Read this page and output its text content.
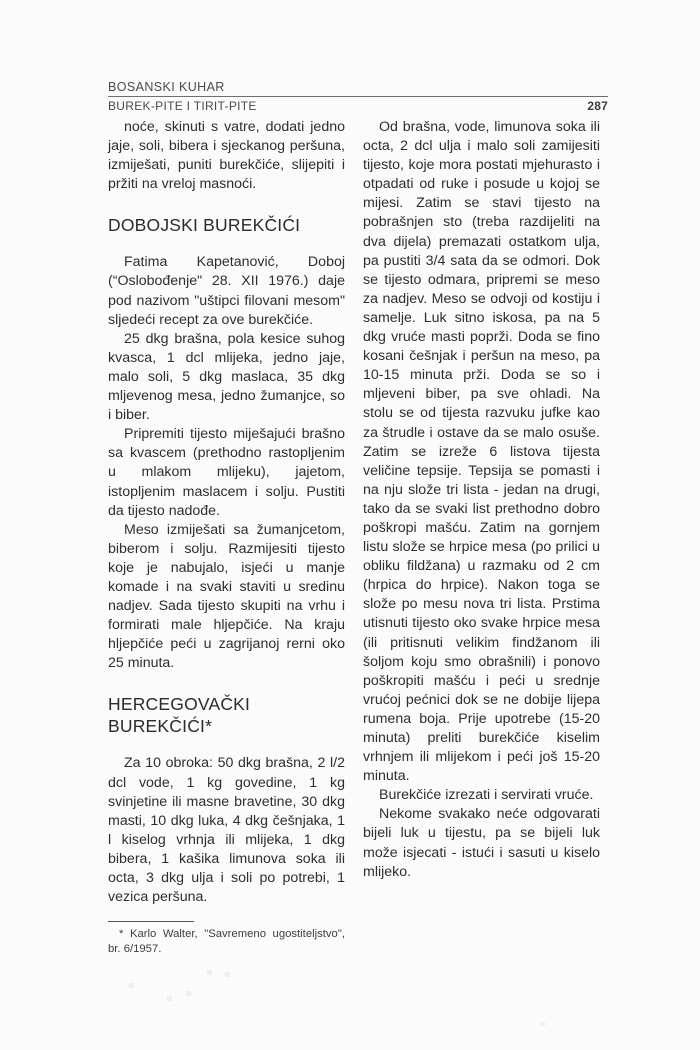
BOSANSKI KUHAR
BUREK-PITE I TIRIT-PITE	287

noće, skinuti s vatre, dodati jedno jaje, soli, bibera i sjeckanog peršuna, izmiješati, puniti burekčiće, slijepiti i pržiti na vreloj masnoći.

DOBOJSKI BUREKČIĆI

Fatima Kapetanović, Doboj (“Oslobođenje" 28. XII 1976.) daje pod nazivom "uštipci filovani mesom" sljedeći recept za ove burekčiće.

25 dkg brašna, pola kesice suhog kvasca, 1 dcl mlijeka, jedno jaje, malo soli, 5 dkg maslaca, 35 dkg mljevenog mesa, jedno žumanjce, so i biber.

Pripremiti tijesto miješajući brašno sa kvascem (prethodno rastopljenim u mlakom mlijeku), jajetom, istopljenim maslacem i solju. Pustiti da tijesto nadođe.

Meso izmiješati sa žumanjcetom, biberom i solju. Razmijesiti tijesto koje je nabujalo, isjeći u manje komade i na svaki staviti u sredinu nadjev. Sada tijesto skupiti na vrhu i formirati male hljepčiće. Na kraju hljepčiće peći u zagrijanoj rerni oko 25 minuta.

HERCEGOVAČKI BUREKČIĆI*

Za 10 obroka: 50 dkg brašna, 2 l/2 dcl vode, 1 kg govedine, 1 kg svinjetine ili masne bravetine, 30 dkg masti, 10 dkg luka, 4 dkg češnjaka, 1 l kiselog vrhnja ili mlijeka, 1 dkg bibera, 1 kašika limunova soka ili octa, 3 dkg ulja i soli po potrebi, 1 vezica peršuna.

* Karlo Walter, "Savremeno ugostiteljstvo", br. 6/1957.

Od brašna, vode, limunova soka ili octa, 2 dcl ulja i malo soli zamijesiti tijesto, koje mora postati mjehurasto i otpadati od ruke i posude u kojoj se mijesi. Zatim se stavi tijesto na pobrašnjen sto (treba razdijeliti na dva dijela) premazati ostatkom ulja, pa pustiti 3/4 sata da se odmori. Dok se tijesto odmara, pripremi se meso za nadjev. Meso se odvoji od kostiju i samelje. Luk sitno iskosa, pa na 5 dkg vruće masti poprži. Doda se fino kosani češnjak i peršun na meso, pa 10-15 minuta prži. Doda se so i mljeveni biber, pa sve ohladi. Na stolu se od tijesta razvuku jufke kao za štrudle i ostave da se malo osuše. Zatim se izreže 6 listova tijesta veličine tepsije. Tepsija se pomasti i na nju slože tri lista - jedan na drugi, tako da se svaki list prethodno dobro poškropi mašću. Zatim na gornjem listu slože se hrpice mesa (po prilici u obliku fildžana) u razmaku od 2 cm (hrpica do hrpice). Nakon toga se slože po mesu nova tri lista. Prstima utisnuti tijesto oko svake hrpice mesa (ili pritisnuti velikim findžanom ili šoljom koju smo obrašnili) i ponovo poškropiti mašću i peći u srednje vrućoj pećnici dok se ne dobije lijepa rumena boja. Prije upotrebe (15-20 minuta) preliti burekčiće kiselim vrhnjem ili mlijekom i peći još 15-20 minuta.

Burekčiće izrezati i servirati vruće.

Nekome svakako neće odgovarati bijeli luk u tijestu, pa se bijeli luk može isjecati - istući i sasuti u kiselo mlijeko.
